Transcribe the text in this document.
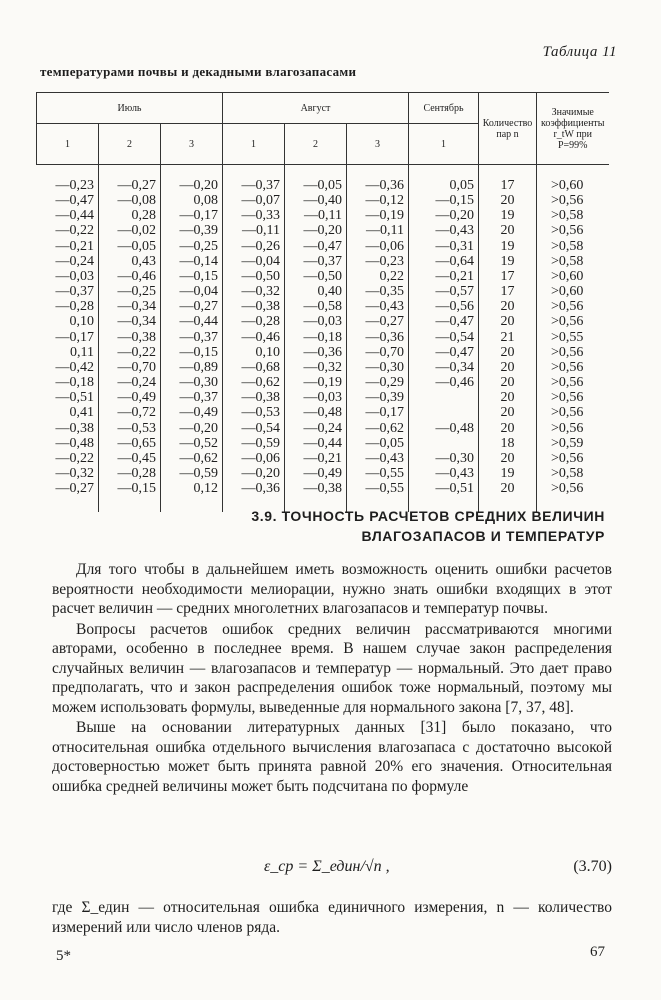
Таблица 11
температурами почвы и декадными влагозапасами
Июль			Август			Сентябрь	Количество пар n	Значимые коэффициенты r_tW при P=99%
1	2	3	1	2	3	1		
—0,23	—0,27	—0,20	—0,37	—0,05	—0,36	0,05	17	>0,60
—0,47	—0,08	0,08	—0,07	—0,40	—0,12	—0,15	20	>0,56
—0,44	0,28	—0,17	—0,33	—0,11	—0,19	—0,20	19	>0,58
—0,22	—0,02	—0,39	—0,11	—0,20	—0,11	—0,43	20	>0,56
—0,21	—0,05	—0,25	—0,26	—0,47	—0,06	—0,31	19	>0,58
—0,24	0,43	—0,14	—0,04	—0,37	—0,23	—0,64	19	>0,58
—0,03	—0,46	—0,15	—0,50	—0,50	0,22	—0,21	17	>0,60
—0,37	—0,25	—0,04	—0,32	0,40	—0,35	—0,57	17	>0,60
—0,28	—0,34	—0,27	—0,38	—0,58	—0,43	—0,56	20	>0,56
0,10	—0,34	—0,44	—0,28	—0,03	—0,27	—0,47	20	>0,56
—0,17	—0,38	—0,37	—0,46	—0,18	—0,36	—0,54	21	>0,55
0,11	—0,22	—0,15	0,10	—0,36	—0,70	—0,47	20	>0,56
—0,42	—0,70	—0,89	—0,68	—0,32	—0,30	—0,34	20	>0,56
—0,18	—0,24	—0,30	—0,62	—0,19	—0,29	—0,46	20	>0,56
—0,51	—0,49	—0,37	—0,38	—0,03	—0,39		20	>0,56
0,41	—0,72	—0,49	—0,53	—0,48	—0,17		20	>0,56
—0,38	—0,53	—0,20	—0,54	—0,24	—0,62	—0,48	20	>0,56
—0,48	—0,65	—0,52	—0,59	—0,44	—0,05		18	>0,59
—0,22	—0,45	—0,62	—0,06	—0,21	—0,43	—0,30	20	>0,56
—0,32	—0,28	—0,59	—0,20	—0,49	—0,55	—0,43	19	>0,58
—0,27	—0,15	0,12	—0,36	—0,38	—0,55	—0,51	20	>0,56
3.9. ТОЧНОСТЬ РАСЧЕТОВ СРЕДНИХ ВЕЛИЧИН
ВЛАГОЗАПАСОВ И ТЕМПЕРАТУР

Для того чтобы в дальнейшем иметь возможность оценить ошибки расчетов вероятности необходимости мелиорации, нужно знать ошибки входящих в этот расчет величин — средних многолетних влагозапасов и температур почвы.

Вопросы расчетов ошибок средних величин рассматриваются многими авторами, особенно в последнее время. В нашем случае закон распределения случайных величин — влагозапасов и температур — нормальный. Это дает право предполагать, что и закон распределения ошибок тоже нормальный, поэтому мы можем использовать формулы, выведенные для нормального закона [7, 37, 48].

Выше на основании литературных данных [31] было показано, что относительная ошибка отдельного вычисления влагозапаса с достаточно высокой достоверностью может быть принята равной 20% его значения. Относительная ошибка средней величины может быть подсчитана по формуле

ε_ср = Σ_един/√n ,	(3.70)

где Σ_един — относительная ошибка единичного измерения, n — количество измерений или число членов ряда.

5*	67
